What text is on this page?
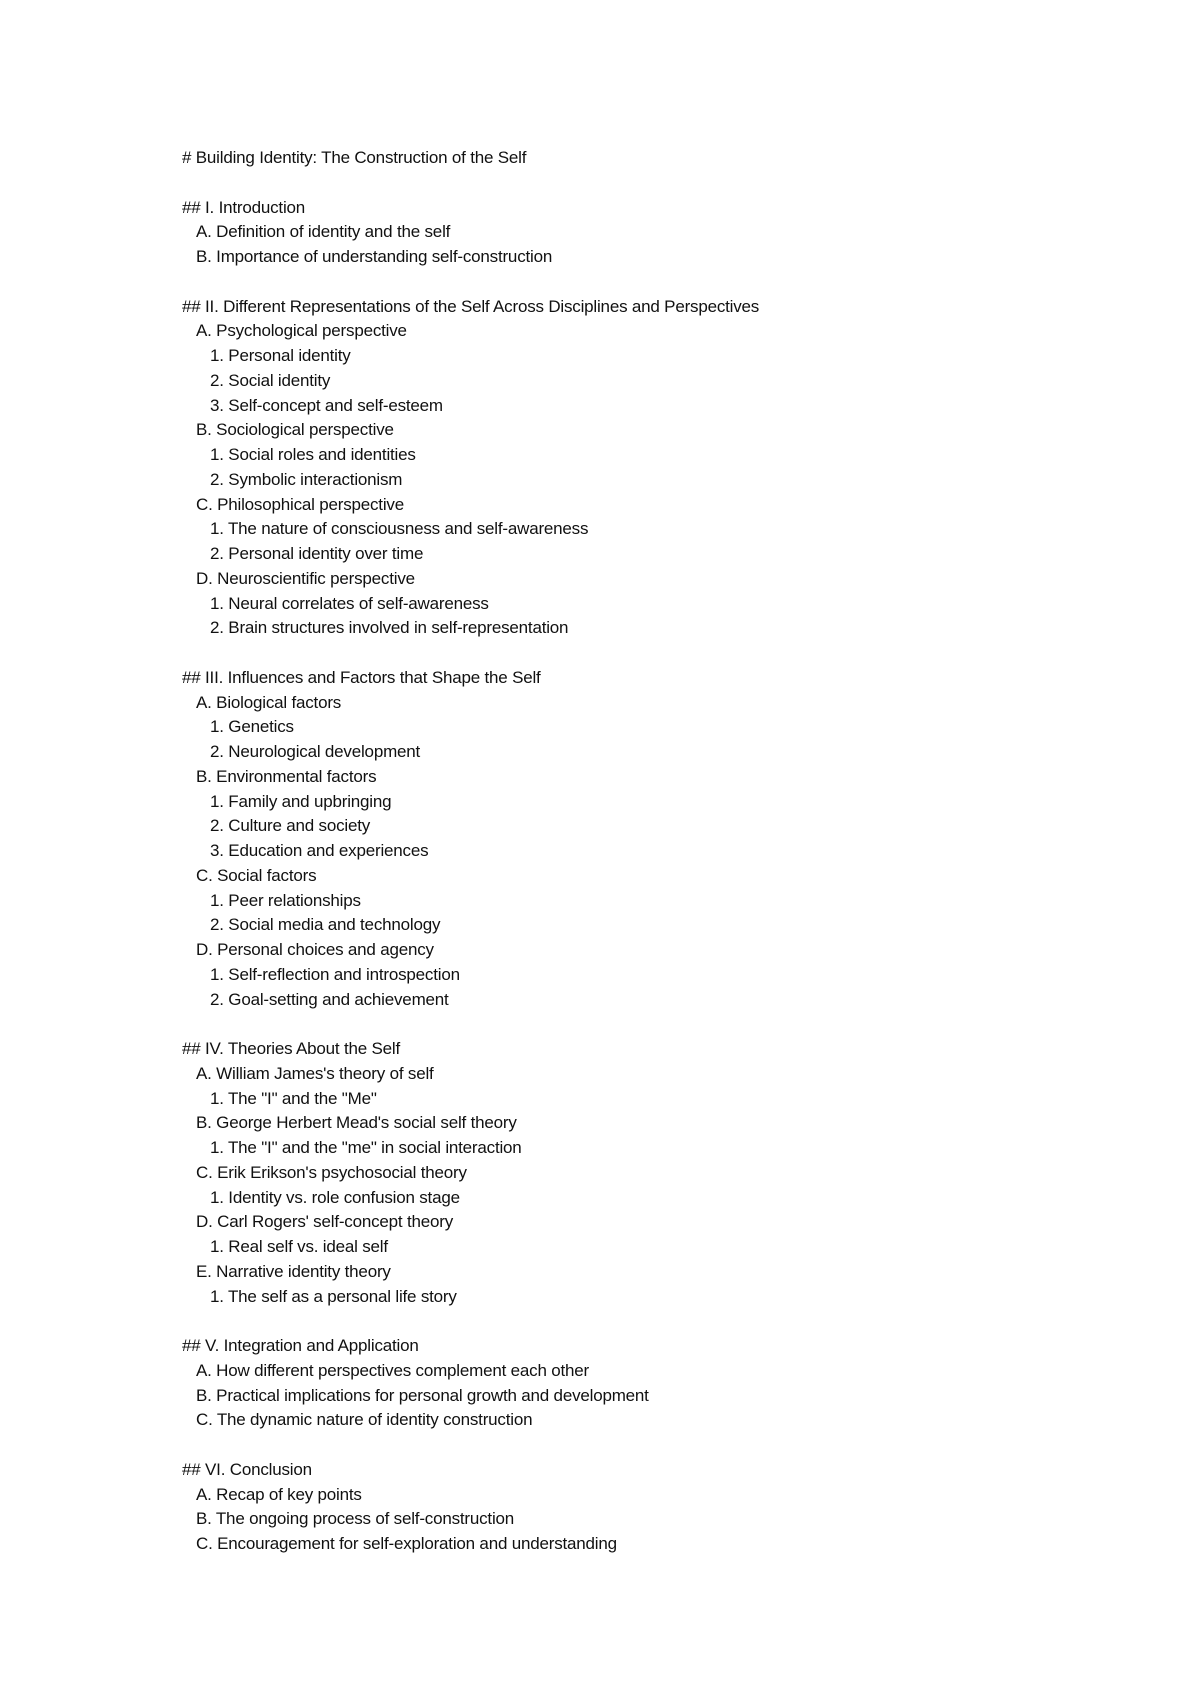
# Building Identity: The Construction of the Self
## I. Introduction
A. Definition of identity and the self
B. Importance of understanding self-construction
## II. Different Representations of the Self Across Disciplines and Perspectives
A. Psychological perspective
1. Personal identity
2. Social identity
3. Self-concept and self-esteem
B. Sociological perspective
1. Social roles and identities
2. Symbolic interactionism
C. Philosophical perspective
1. The nature of consciousness and self-awareness
2. Personal identity over time
D. Neuroscientific perspective
1. Neural correlates of self-awareness
2. Brain structures involved in self-representation
## III. Influences and Factors that Shape the Self
A. Biological factors
1. Genetics
2. Neurological development
B. Environmental factors
1. Family and upbringing
2. Culture and society
3. Education and experiences
C. Social factors
1. Peer relationships
2. Social media and technology
D. Personal choices and agency
1. Self-reflection and introspection
2. Goal-setting and achievement
## IV. Theories About the Self
A. William James's theory of self
1. The "I" and the "Me"
B. George Herbert Mead's social self theory
1. The "I" and the "me" in social interaction
C. Erik Erikson's psychosocial theory
1. Identity vs. role confusion stage
D. Carl Rogers' self-concept theory
1. Real self vs. ideal self
E. Narrative identity theory
1. The self as a personal life story
## V. Integration and Application
A. How different perspectives complement each other
B. Practical implications for personal growth and development
C. The dynamic nature of identity construction
## VI. Conclusion
A. Recap of key points
B. The ongoing process of self-construction
C. Encouragement for self-exploration and understanding
